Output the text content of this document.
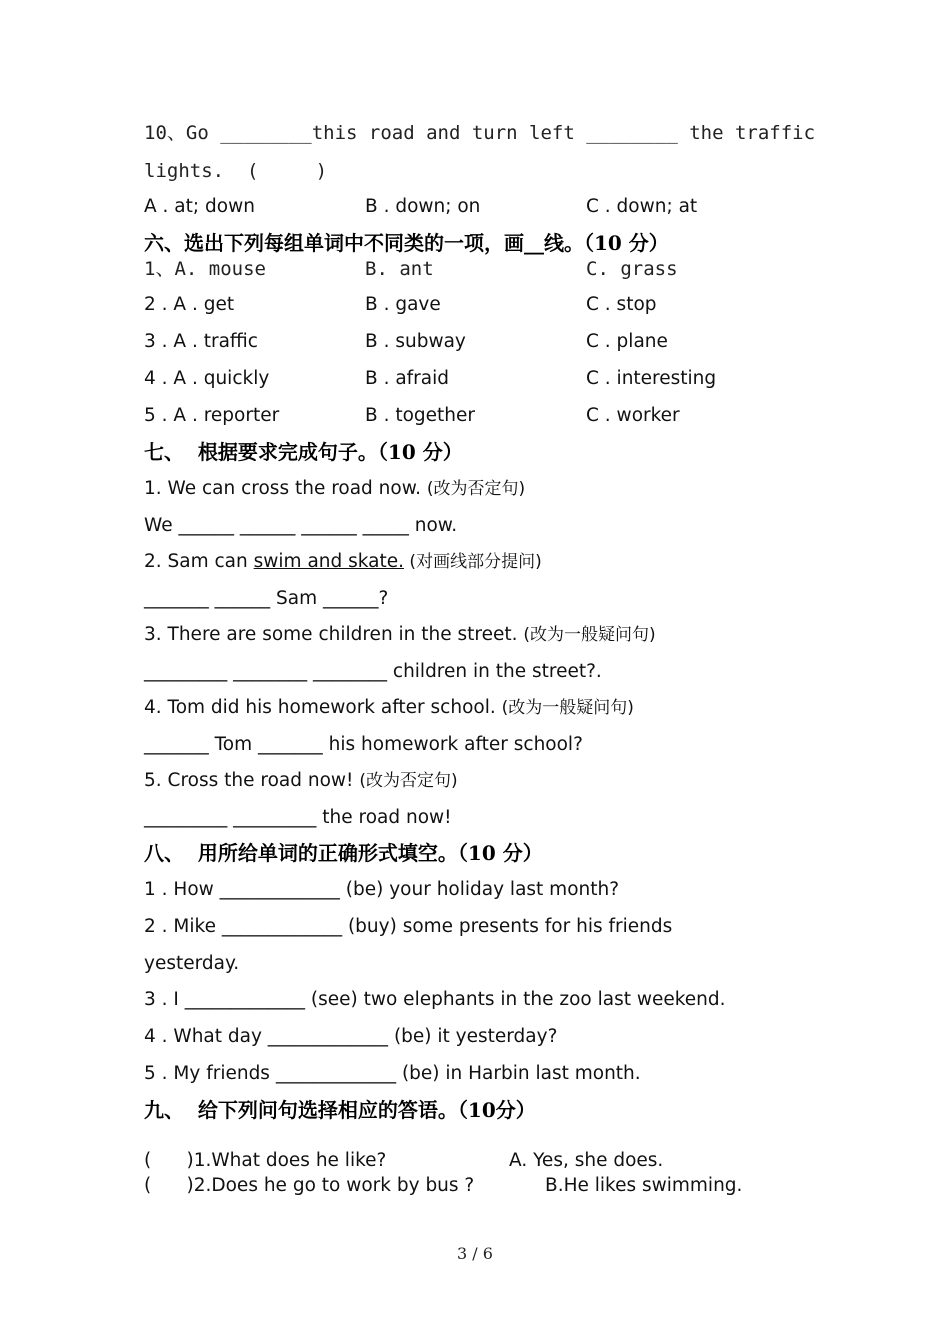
10、Go ________this road and turn left ________ the traffic
lights.  (     )
A . at; down	B . down; on	C . down; at
六、选出下列每组单词中不同类的一项，画__线。（10 分）
1、A. mouse	B. ant	C. grass
2 . A . get	B . gave	C . stop
3 . A . traffic	B . subway	C . plane
4 . A . quickly	B . afraid	C . interesting
5 . A . reporter	B . together	C . worker
七、  根据要求完成句子。（10 分）
1. We can cross the road now. (改为否定句)
We ______ ______ ______ _____ now.
2. Sam can swim and skate. (对画线部分提问)
_______ ______ Sam ______?
3. There are some children in the street. (改为一般疑问句)
_________ ________ ________ children in the street?.
4. Tom did his homework after school. (改为一般疑问句)
_______ Tom _______ his homework after school?
5. Cross the road now! (改为否定句)
_________ _________ the road now!
八、  用所给单词的正确形式填空。（10 分）
1 . How _____________ (be) your holiday last month?
2 . Mike _____________ (buy) some presents for his friends
yesterday.
3 . I _____________ (see) two elephants in the zoo last weekend.
4 . What day _____________ (be) it yesterday?
5 . My friends _____________ (be) in Harbin last month.
九、  给下列问句选择相应的答语。（10分）
(      )1.What does he like?	A. Yes, she does.
(      )2.Does he go to work by bus ?	B.He likes swimming.
3 / 6
